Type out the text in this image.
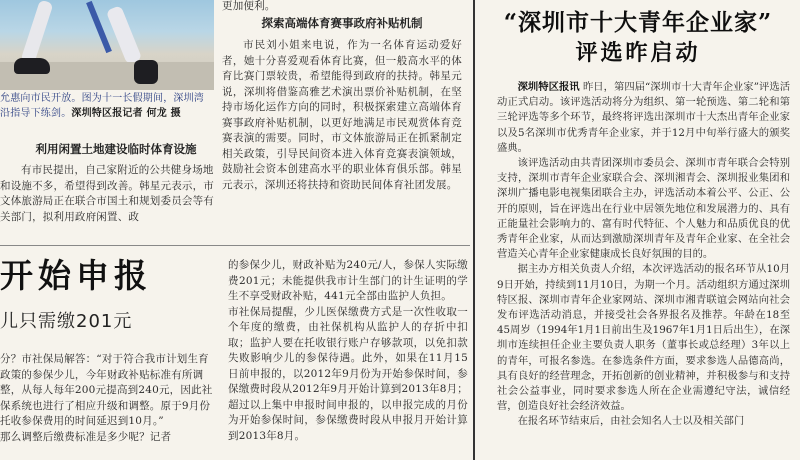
允惠向市民开放。图为十一长假期间，深圳湾
沿指导下练剑。深圳特区报记者 何龙 摄
利用闲置土地建设临时体育设施

有市民提出，自己家附近的公共健身场地和设施不多，希望得到改善。韩星元表示，市文体旅游局正在联合市国土和规划委员会等有关部门，拟利用政府闲置、政

更加便利。
探索高端体育赛事政府补贴机制

市民刘小姐来电说，作为一名体育运动爱好者，她十分喜爱观看体育比赛，但一般高水平的体育比赛门票较贵，希望能得到政府的扶持。韩星元说，深圳将借鉴高雅艺术演出票价补贴机制，在坚持市场化运作方向的同时，积极探索建立高端体育赛事政府补贴机制，以更好地满足市民观赏体育竞赛表演的需要。同时，市文体旅游局正在抓紧制定相关政策，引导民间资本进入体育竞赛表演领域，鼓励社会资本创建高水平的职业体育俱乐部。韩星元表示，深圳还将扶持和资助民间体育社团发展。

开始申报
儿只需缴201元

分？市社保局解答：“对于符合我市计划生育政策的参保少儿，今年财政补贴标准有所调整，从每人每年200元提高到240元，因此社保系统也进行了相应升级和调整。原于9月份托收参保费用的时间延迟到10月。”
那么调整后缴费标准是多少呢？记者

的参保少儿，财政补贴为240元/人，参保人实际缴费201元；未能提供我市计生部门的计生证明的学生不享受财政补贴，441元全部由监护人负担。
市社保局提醒，少儿医保缴费方式是一次性收取一个年度的缴费，由社保机构从监护人的存折中扣取；监护人要在托收银行账户存够款项，以免扣款失败影响少儿的参保待遇。此外，如果在11月15日前申报的，以2012年9月份为开始参保时间，参保缴费时段从2012年9月开始计算到2013年8月；超过以上集中申报时间申报的，以申报完成的月份为开始参保时间，参保缴费时段从申报月开始计算到2013年8月。

“深圳市十大青年企业家”
评选昨启动

深圳特区报讯 昨日，第四届“深圳市十大青年企业家”评选活动正式启动。该评选活动将分为组织、第一轮预选、第二轮和第三轮评选等多个环节，最终将评选出深圳市十大杰出青年企业家以及5名深圳市优秀青年企业家，并于12月中旬举行盛大的颁奖盛典。

该评选活动由共青团深圳市委员会、深圳市青年联合会特别支持，深圳市青年企业家联合会、深圳湘青会、深圳报业集团和深圳广播电影电视集团联合主办，评选活动本着公平、公正、公开的原则，旨在评选出在行业中居领先地位和发展潜力的、具有正能量社会影响力的、富有时代特征、个人魅力和品质优良的优秀青年企业家，从而达到激励深圳青年及青年企业家、在全社会营造关心青年企业家健康成长良好氛围的目的。

据主办方相关负责人介绍，本次评选活动的报名环节从10月9日开始，持续到11月10日，为期一个月。活动组织方通过深圳特区报、深圳市青年企业家网站、深圳市湘青联谊会网站向社会发布评选活动消息，并接受社会各界报名及推荐。年龄在18至45周岁（1994年1月1日前出生及1967年1月1日后出生），在深圳市连续担任企业主要负责人职务（董事长或总经理）3年以上的青年，可报名参选。在参选条件方面，要求参选人品德高尚，具有良好的经营理念，开拓创新的创业精神，并积极参与和支持社会公益事业，同时要求参选人所在企业需遵纪守法，诚信经营，创造良好社会经济效益。

在报名环节结束后，由社会知名人士以及相关部门
